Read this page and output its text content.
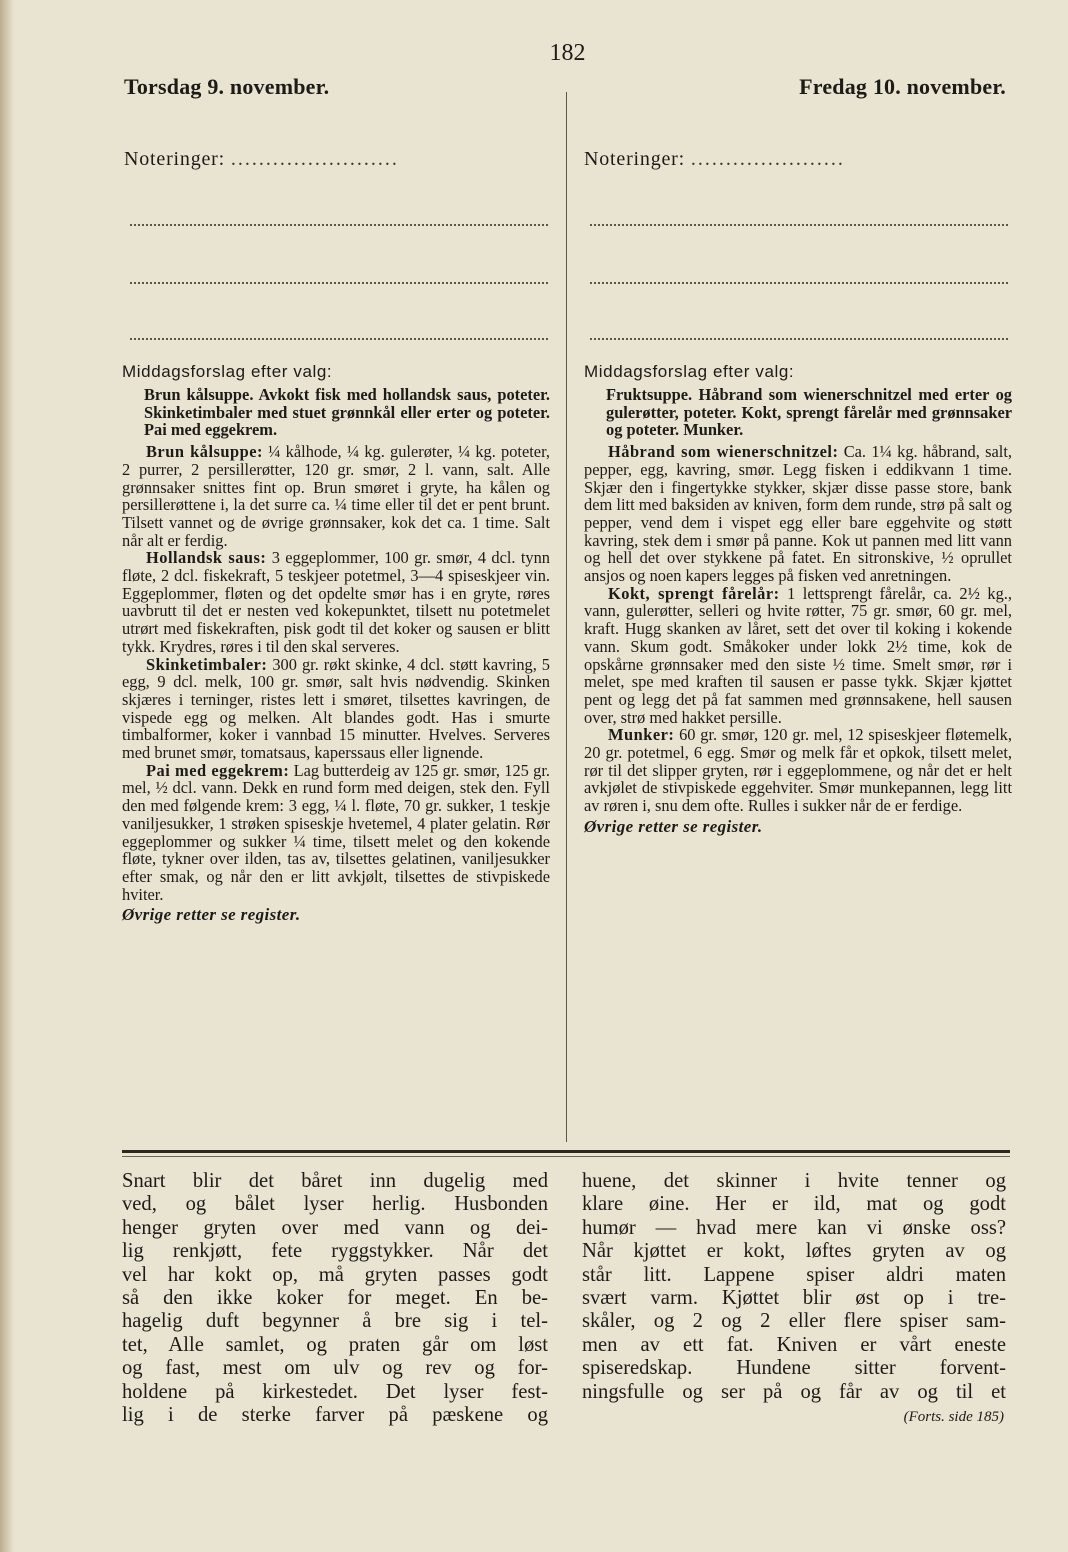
182
Torsdag 9. november.
Noteringer: ........................
Fredag 10. november.
Noteringer: ......................
Middagsforslag efter valg:

Brun kålsuppe. Avkokt fisk med hollandsk saus, poteter. Skinketimbaler med stuet grønnkål eller erter og poteter. Pai med eggekrem.

Brun kålsuppe: ¼ kålhode, ¼ kg. gulerøter, ¼ kg. poteter, 2 purrer, 2 persillerøtter, 120 gr. smør, 2 l. vann, salt. Alle grønnsaker snittes fint op. Brun smøret i gryte, ha kålen og persillerøttene i, la det surre ca. ¼ time eller til det er pent brunt. Tilsett vannet og de øvrige grønnsaker, kok det ca. 1 time. Salt når alt er ferdig.

Hollandsk saus: 3 eggeplommer, 100 gr. smør, 4 dcl. tynn fløte, 2 dcl. fiskekraft, 5 teskjeer potetmel, 3—4 spiseskjeer vin. Eggeplommer, fløten og det opdelte smør has i en gryte, røres uavbrutt til det er nesten ved kokepunktet, tilsett nu potetmelet utrørt med fiskekraften, pisk godt til det koker og sausen er blitt tykk. Krydres, røres i til den skal serveres.

Skinketimbaler: 300 gr. røkt skinke, 4 dcl. støtt kavring, 5 egg, 9 dcl. melk, 100 gr. smør, salt hvis nødvendig. Skinken skjæres i terninger, ristes lett i smøret, tilsettes kavringen, de vispede egg og melken. Alt blandes godt. Has i smurte timbalformer, koker i vannbad 15 minutter. Hvelves. Serveres med brunet smør, tomatsaus, kaperssaus eller lignende.

Pai med eggekrem: Lag butterdeig av 125 gr. smør, 125 gr. mel, ½ dcl. vann. Dekk en rund form med deigen, stek den. Fyll den med følgende krem: 3 egg, ¼ l. fløte, 70 gr. sukker, 1 teskje vaniljesukker, 1 strøken spiseskje hvetemel, 4 plater gelatin. Rør eggeplommer og sukker ¼ time, tilsett melet og den kokende fløte, tykner over ilden, tas av, tilsettes gelatinen, vaniljesukker efter smak, og når den er litt avkjølt, tilsettes de stivpiskede hviter.

Øvrige retter se register.
Middagsforslag efter valg:

Fruktsuppe. Håbrand som wienerschnitzel med erter og gulerøtter, poteter. Kokt, sprengt fårelår med grønnsaker og poteter. Munker.

Håbrand som wienerschnitzel: Ca. 1¼ kg. håbrand, salt, pepper, egg, kavring, smør. Legg fisken i eddikvann 1 time. Skjær den i fingertykke stykker, skjær disse passe store, bank dem litt med baksiden av kniven, form dem runde, strø på salt og pepper, vend dem i vispet egg eller bare eggehvite og støtt kavring, stek dem i smør på panne. Kok ut pannen med litt vann og hell det over stykkene på fatet. En sitronskive, ½ oprullet ansjos og noen kapers legges på fisken ved anretningen.

Kokt, sprengt fårelår: 1 lettsprengt fårelår, ca. 2½ kg., vann, gulerøtter, selleri og hvite røtter, 75 gr. smør, 60 gr. mel, kraft. Hugg skanken av låret, sett det over til koking i kokende vann. Skum godt. Småkoker under lokk 2½ time, kok de opskårne grønnsaker med den siste ½ time. Smelt smør, rør i melet, spe med kraften til sausen er passe tykk. Skjær kjøttet pent og legg det på fat sammen med grønnsakene, hell sausen over, strø med hakket persille.

Munker: 60 gr. smør, 120 gr. mel, 12 spiseskjeer fløtemelk, 20 gr. potetmel, 6 egg. Smør og melk får et opkok, tilsett melet, rør til det slipper gryten, rør i eggeplommene, og når det er helt avkjølet de stivpiskede eggehviter. Smør munkepannen, legg litt av røren i, snu dem ofte. Rulles i sukker når de er ferdige.

Øvrige retter se register.
Snart blir det båret inn dugelig med
ved, og bålet lyser herlig. Husbonden
henger gryten over med vann og dei-
lig renkjøtt, fete ryggstykker. Når det
vel har kokt op, må gryten passes godt
så den ikke koker for meget. En be-
hagelig duft begynner å bre sig i tel-
tet, Alle samlet, og praten går om løst
og fast, mest om ulv og rev og for-
holdene på kirkestedet. Det lyser fest-
lig i de sterke farver på pæskene og
huene, det skinner i hvite tenner og
klare øine. Her er ild, mat og godt
humør — hvad mere kan vi ønske oss?
Når kjøttet er kokt, løftes gryten av og
står litt. Lappene spiser aldri maten
svært varm. Kjøttet blir øst op i tre-
skåler, og 2 og 2 eller flere spiser sam-
men av ett fat. Kniven er vårt eneste
spiseredskap. Hundene sitter forvent-
ningsfulle og ser på og får av og til et
(Forts. side 185)
